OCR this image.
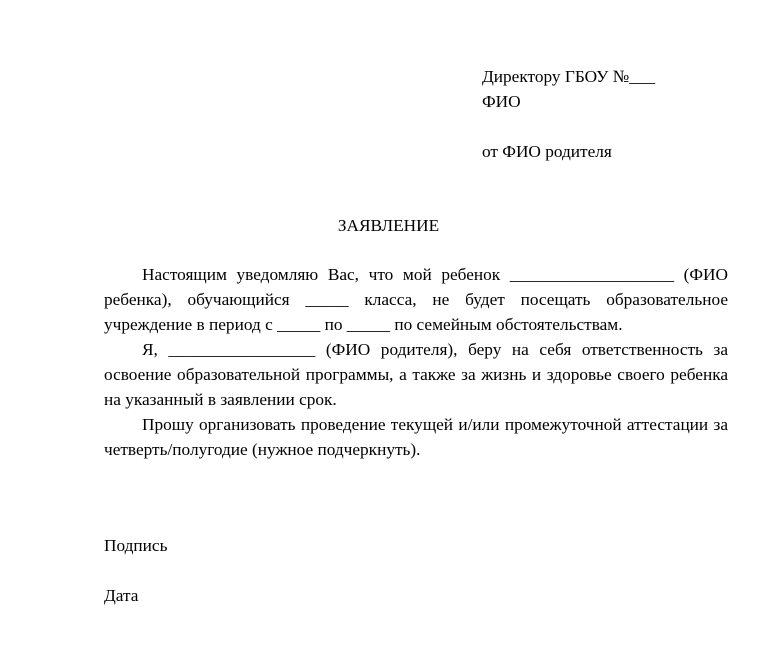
Директору ГБОУ №___
ФИО
от ФИО родителя
ЗАЯВЛЕНИЕ

Настоящим уведомляю Вас, что мой ребенок ___________________ (ФИО ребенка), обучающийся _____ класса, не будет посещать образовательное учреждение в период с _____ по _____ по семейным обстоятельствам.

Я, _________________ (ФИО родителя), беру на себя ответственность за освоение образовательной программы, а также за жизнь и здоровье своего ребенка на указанный в заявлении срок.

Прошу организовать проведение текущей и/или промежуточной аттестации за четверть/полугодие (нужное подчеркнуть).

Подпись
Дата
